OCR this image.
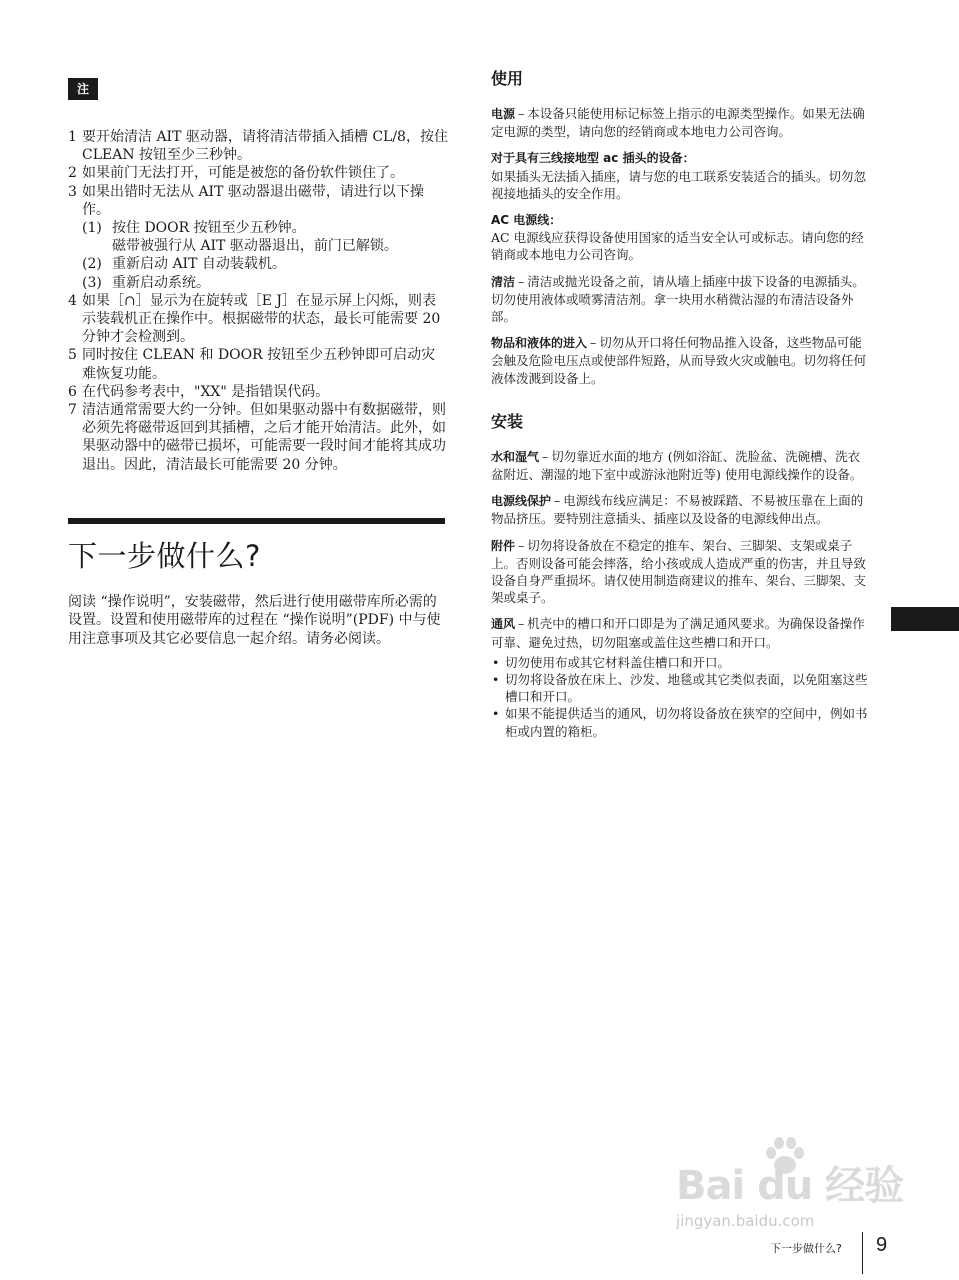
注
1 要开始清洁 AIT 驱动器，请将清洁带插入插槽 CL/8，按住 CLEAN 按钮至少三秒钟。
2 如果前门无法打开，可能是被您的备份软件锁住了。
3 如果出错时无法从 AIT 驱动器退出磁带，请进行以下操作。
(1) 按住 DOOR 按钮至少五秒钟。
磁带被强行从 AIT 驱动器退出，前门已解锁。
(2) 重新启动 AIT 自动装载机。
(3) 重新启动系统。
4 如果［∩］显示为在旋转或［E J］在显示屏上闪烁，则表示装载机正在操作中。根据磁带的状态，最长可能需要 20 分钟才会检测到。
5 同时按住 CLEAN 和 DOOR 按钮至少五秒钟即可启动灾难恢复功能。
6 在代码参考表中，"XX" 是指错误代码。
7 清洁通常需要大约一分钟。但如果驱动器中有数据磁带，则必须先将磁带返回到其插槽，之后才能开始清洁。此外，如果驱动器中的磁带已损坏，可能需要一段时间才能将其成功退出。因此，清洁最长可能需要 20 分钟。
下一步做什么?

阅读 “操作说明”，安装磁带，然后进行使用磁带库所必需的设置。设置和使用磁带库的过程在 “操作说明”(PDF) 中与使用注意事项及其它必要信息一起介绍。请务必阅读。

使用

电源 – 本设备只能使用标记标签上指示的电源类型操作。如果无法确定电源的类型，请向您的经销商或本地电力公司咨询。

对于具有三线接地型 ac 插头的设备：
如果插头无法插入插座，请与您的电工联系安装适合的插头。切勿忽视接地插头的安全作用。

AC 电源线：
AC 电源线应获得设备使用国家的适当安全认可或标志。请向您的经销商或本地电力公司咨询。

清洁 – 清洁或抛光设备之前，请从墙上插座中拔下设备的电源插头。切勿使用液体或喷雾清洁剂。拿一块用水稍微沾湿的布清洁设备外部。

物品和液体的进入 – 切勿从开口将任何物品推入设备，这些物品可能会触及危险电压点或使部件短路，从而导致火灾或触电。切勿将任何液体泼溅到设备上。

安装

水和湿气 – 切勿靠近水面的地方 (例如浴缸、洗脸盆、洗碗槽、洗衣盆附近、潮湿的地下室中或游泳池附近等) 使用电源线操作的设备。

电源线保护 – 电源线布线应满足：不易被踩踏、不易被压靠在上面的物品挤压。要特别注意插头、插座以及设备的电源线伸出点。

附件 – 切勿将设备放在不稳定的推车、架台、三脚架、支架或桌子上。否则设备可能会摔落，给小孩或成人造成严重的伤害，并且导致设备自身严重损坏。请仅使用制造商建议的推车、架台、三脚架、支架或桌子。

通风 – 机壳中的槽口和开口即是为了满足通风要求。为确保设备操作可靠、避免过热，切勿阻塞或盖住这些槽口和开口。

• 切勿使用布或其它材料盖住槽口和开口。
• 切勿将设备放在床上、沙发、地毯或其它类似表面，以免阻塞这些槽口和开口。
• 如果不能提供适当的通风，切勿将设备放在狭窄的空间中，例如书柜或内置的箱柜。
Bai du 经验
jingyan.baidu.com
下一步做什么? 9
